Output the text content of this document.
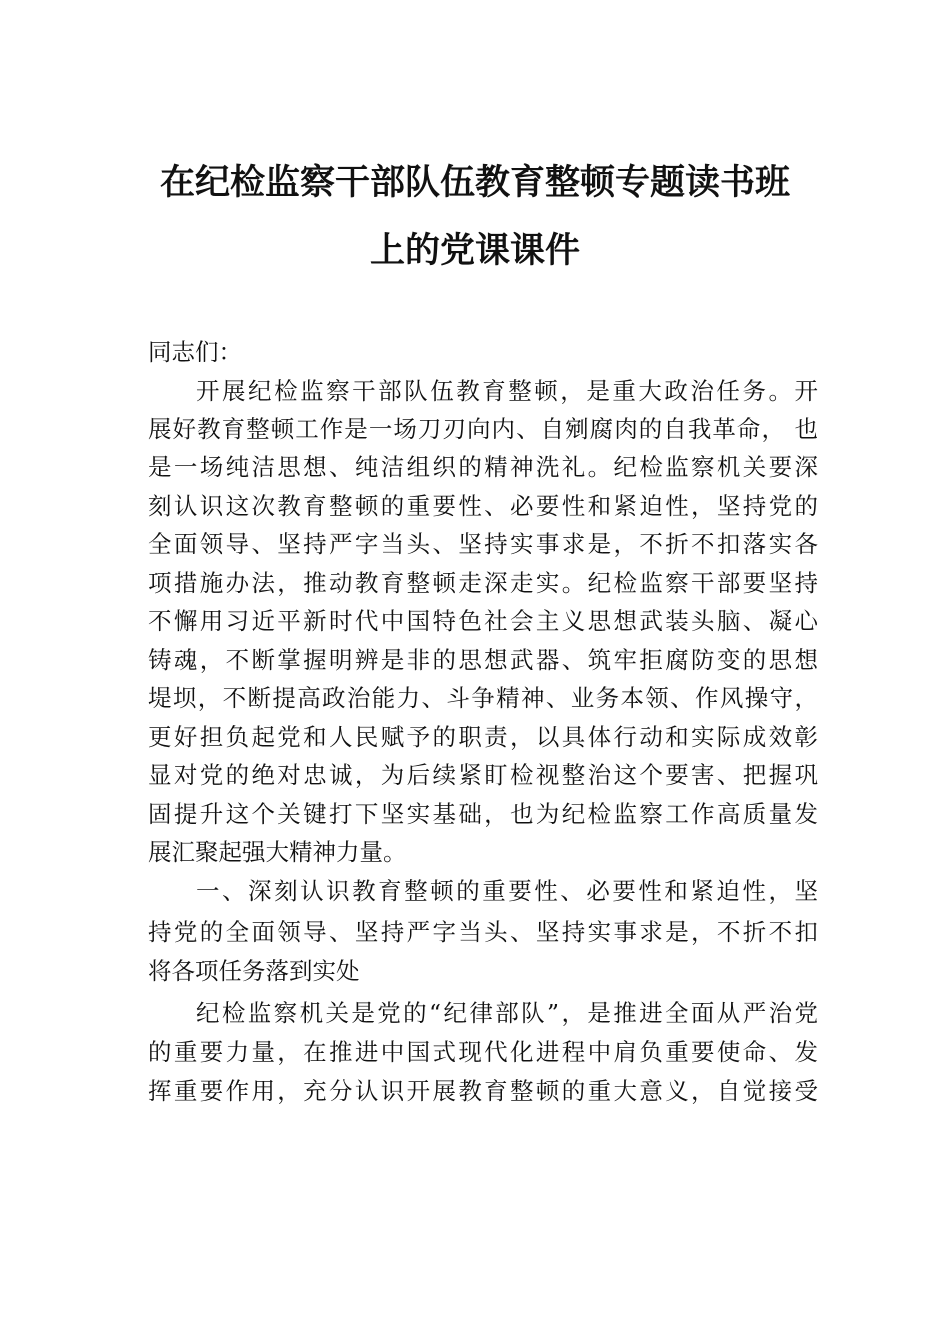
在纪检监察干部队伍教育整顿专题读书班
上的党课课件
同志们：
开展纪检监察干部队伍教育整顿，是重大政治任务。开
展好教育整顿工作是一场刀刃向内、自剜腐肉的自我革命， 也
是一场纯洁思想、纯洁组织的精神洗礼。纪检监察机关要深
刻认识这次教育整顿的重要性、必要性和紧迫性，坚持党的
全面领导、坚持严字当头、坚持实事求是，不折不扣落实各
项措施办法，推动教育整顿走深走实。纪检监察干部要坚持
不懈用习近平新时代中国特色社会主义思想武装头脑、凝心
铸魂，不断掌握明辨是非的思想武器、筑牢拒腐防变的思想
堤坝，不断提高政治能力、斗争精神、业务本领、作风操守，
更好担负起党和人民赋予的职责，以具体行动和实际成效彰
显对党的绝对忠诚，为后续紧盯检视整治这个要害、把握巩
固提升这个关键打下坚实基础，也为纪检监察工作高质量发
展汇聚起强大精神力量。
一、深刻认识教育整顿的重要性、必要性和紧迫性，坚
持党的全面领导、坚持严字当头、坚持实事求是，不折不扣
将各项任务落到实处
纪检监察机关是党的“纪律部队”，是推进全面从严治党
的重要力量，在推进中国式现代化进程中肩负重要使命、发
挥重要作用，充分认识开展教育整顿的重大意义，自觉接受
